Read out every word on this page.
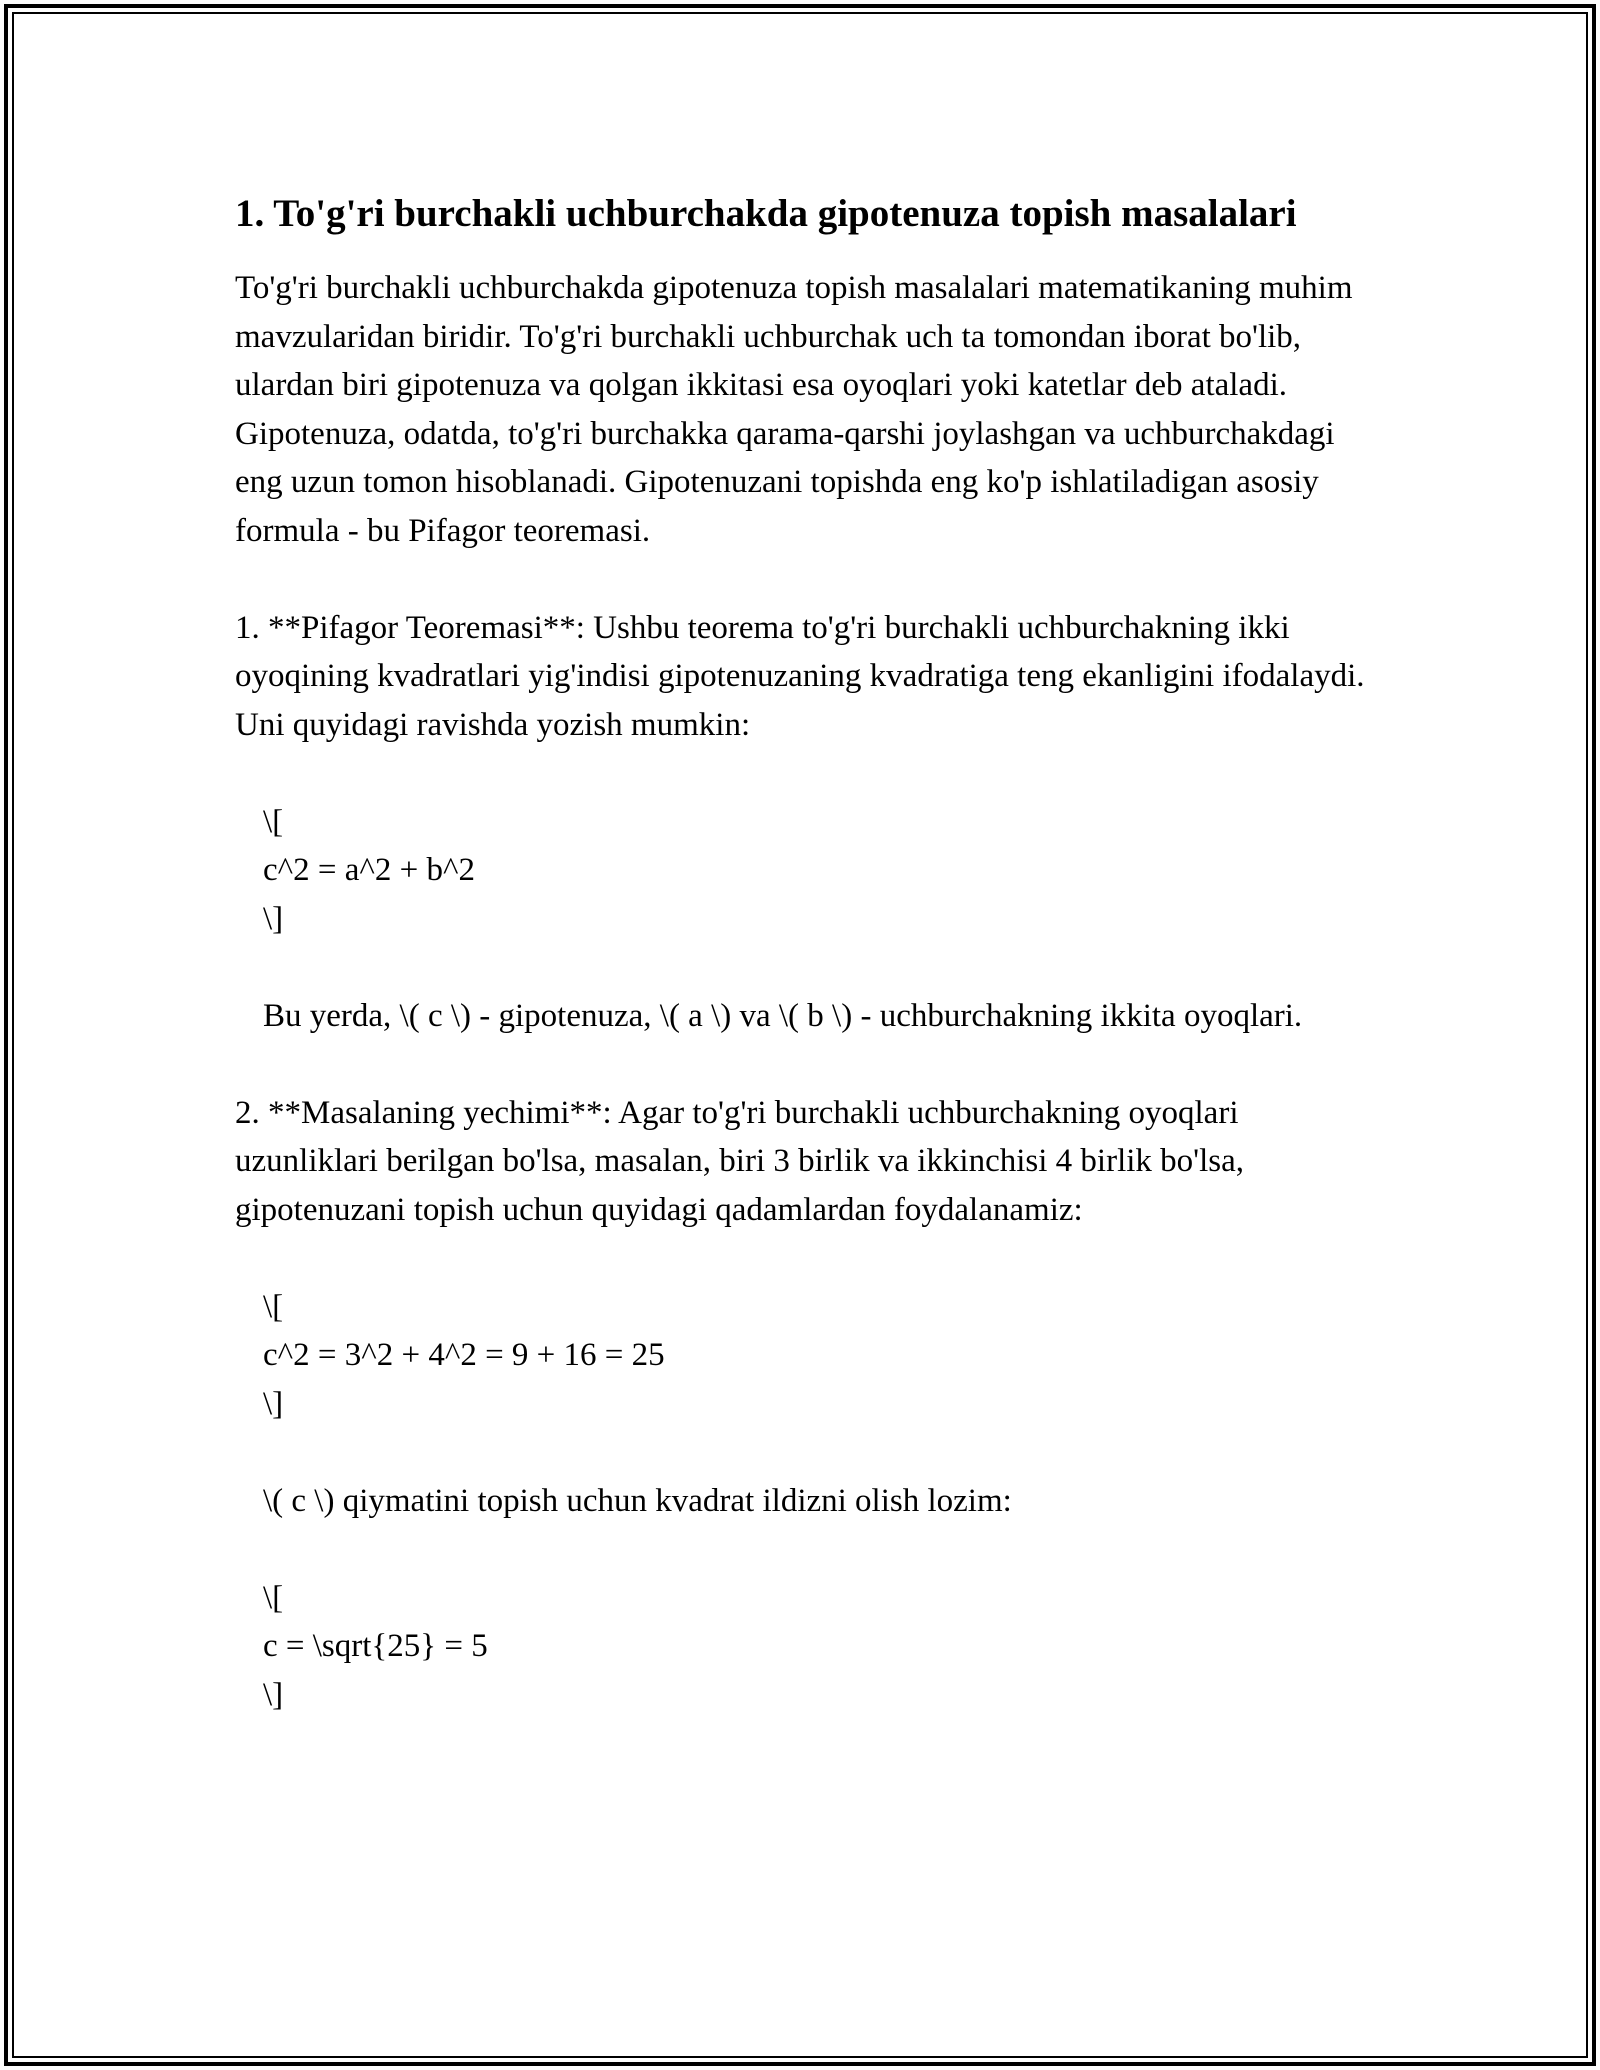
1. To'g'ri burchakli uchburchakda gipotenuza topish masalalari

To'g'ri burchakli uchburchakda gipotenuza topish masalalari matematikaning muhim mavzularidan biridir. To'g'ri burchakli uchburchak uch ta tomondan iborat bo'lib, ulardan biri gipotenuza va qolgan ikkitasi esa oyoqlari yoki katetlar deb ataladi. Gipotenuza, odatda, to'g'ri burchakka qarama-qarshi joylashgan va uchburchakdagi eng uzun tomon hisoblanadi. Gipotenuzani topishda eng ko'p ishlatiladigan asosiy formula - bu Pifagor teoremasi.

1. **Pifagor Teoremasi**: Ushbu teorema to'g'ri burchakli uchburchakning ikki oyoqining kvadratlari yig'indisi gipotenuzaning kvadratiga teng ekanligini ifodalaydi. Uni quyidagi ravishda yozish mumkin:

\[
c^2 = a^2 + b^2
\]

Bu yerda, \( c \) - gipotenuza, \( a \) va \( b \) - uchburchakning ikkita oyoqlari.

2. **Masalaning yechimi**: Agar to'g'ri burchakli uchburchakning oyoqlari uzunliklari berilgan bo'lsa, masalan, biri 3 birlik va ikkinchisi 4 birlik bo'lsa, gipotenuzani topish uchun quyidagi qadamlardan foydalanamiz:

\[
c^2 = 3^2 + 4^2 = 9 + 16 = 25
\]

\( c \) qiymatini topish uchun kvadrat ildizni olish lozim:

\[
c = \sqrt{25} = 5
\]
